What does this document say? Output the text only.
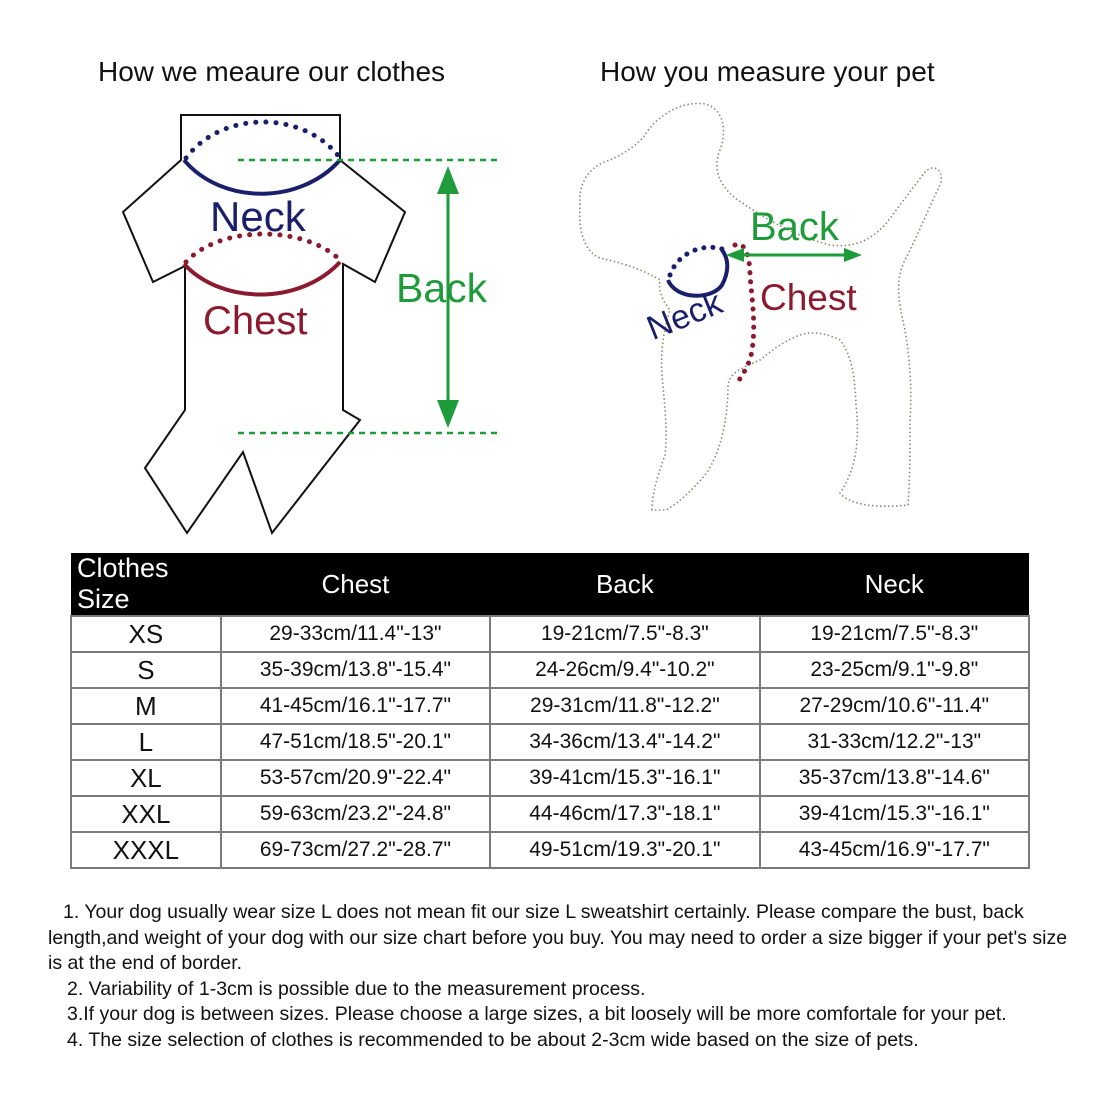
How we meaure our clothes	How you measure your pet
Neck
Chest
Back
Back
Chest
Neck
Clothes Size	Chest	Back	Neck
XS	29-33cm/11.4"-13"	19-21cm/7.5"-8.3"	19-21cm/7.5"-8.3"
S	35-39cm/13.8"-15.4"	24-26cm/9.4"-10.2"	23-25cm/9.1"-9.8"
M	41-45cm/16.1"-17.7"	29-31cm/11.8"-12.2"	27-29cm/10.6"-11.4"
L	47-51cm/18.5"-20.1"	34-36cm/13.4"-14.2"	31-33cm/12.2"-13"
XL	53-57cm/20.9"-22.4"	39-41cm/15.3"-16.1"	35-37cm/13.8"-14.6"
XXL	59-63cm/23.2"-24.8"	44-46cm/17.3"-18.1"	39-41cm/15.3"-16.1"
XXXL	69-73cm/27.2"-28.7"	49-51cm/19.3"-20.1"	43-45cm/16.9"-17.7"

1. Your dog usually wear size L does not mean fit our size L sweatshirt certainly. Please compare the bust, back length,and weight of your dog with our size chart before you buy. You may need to order a size bigger if your pet's size is at the end of border.

2. Variability of 1-3cm is possible due to the measurement process.

3.If your dog is between sizes. Please choose a large sizes, a bit loosely will be more comfortale for your pet.

4. The size selection of clothes is recommended to be about 2-3cm wide based on the size of pets.
